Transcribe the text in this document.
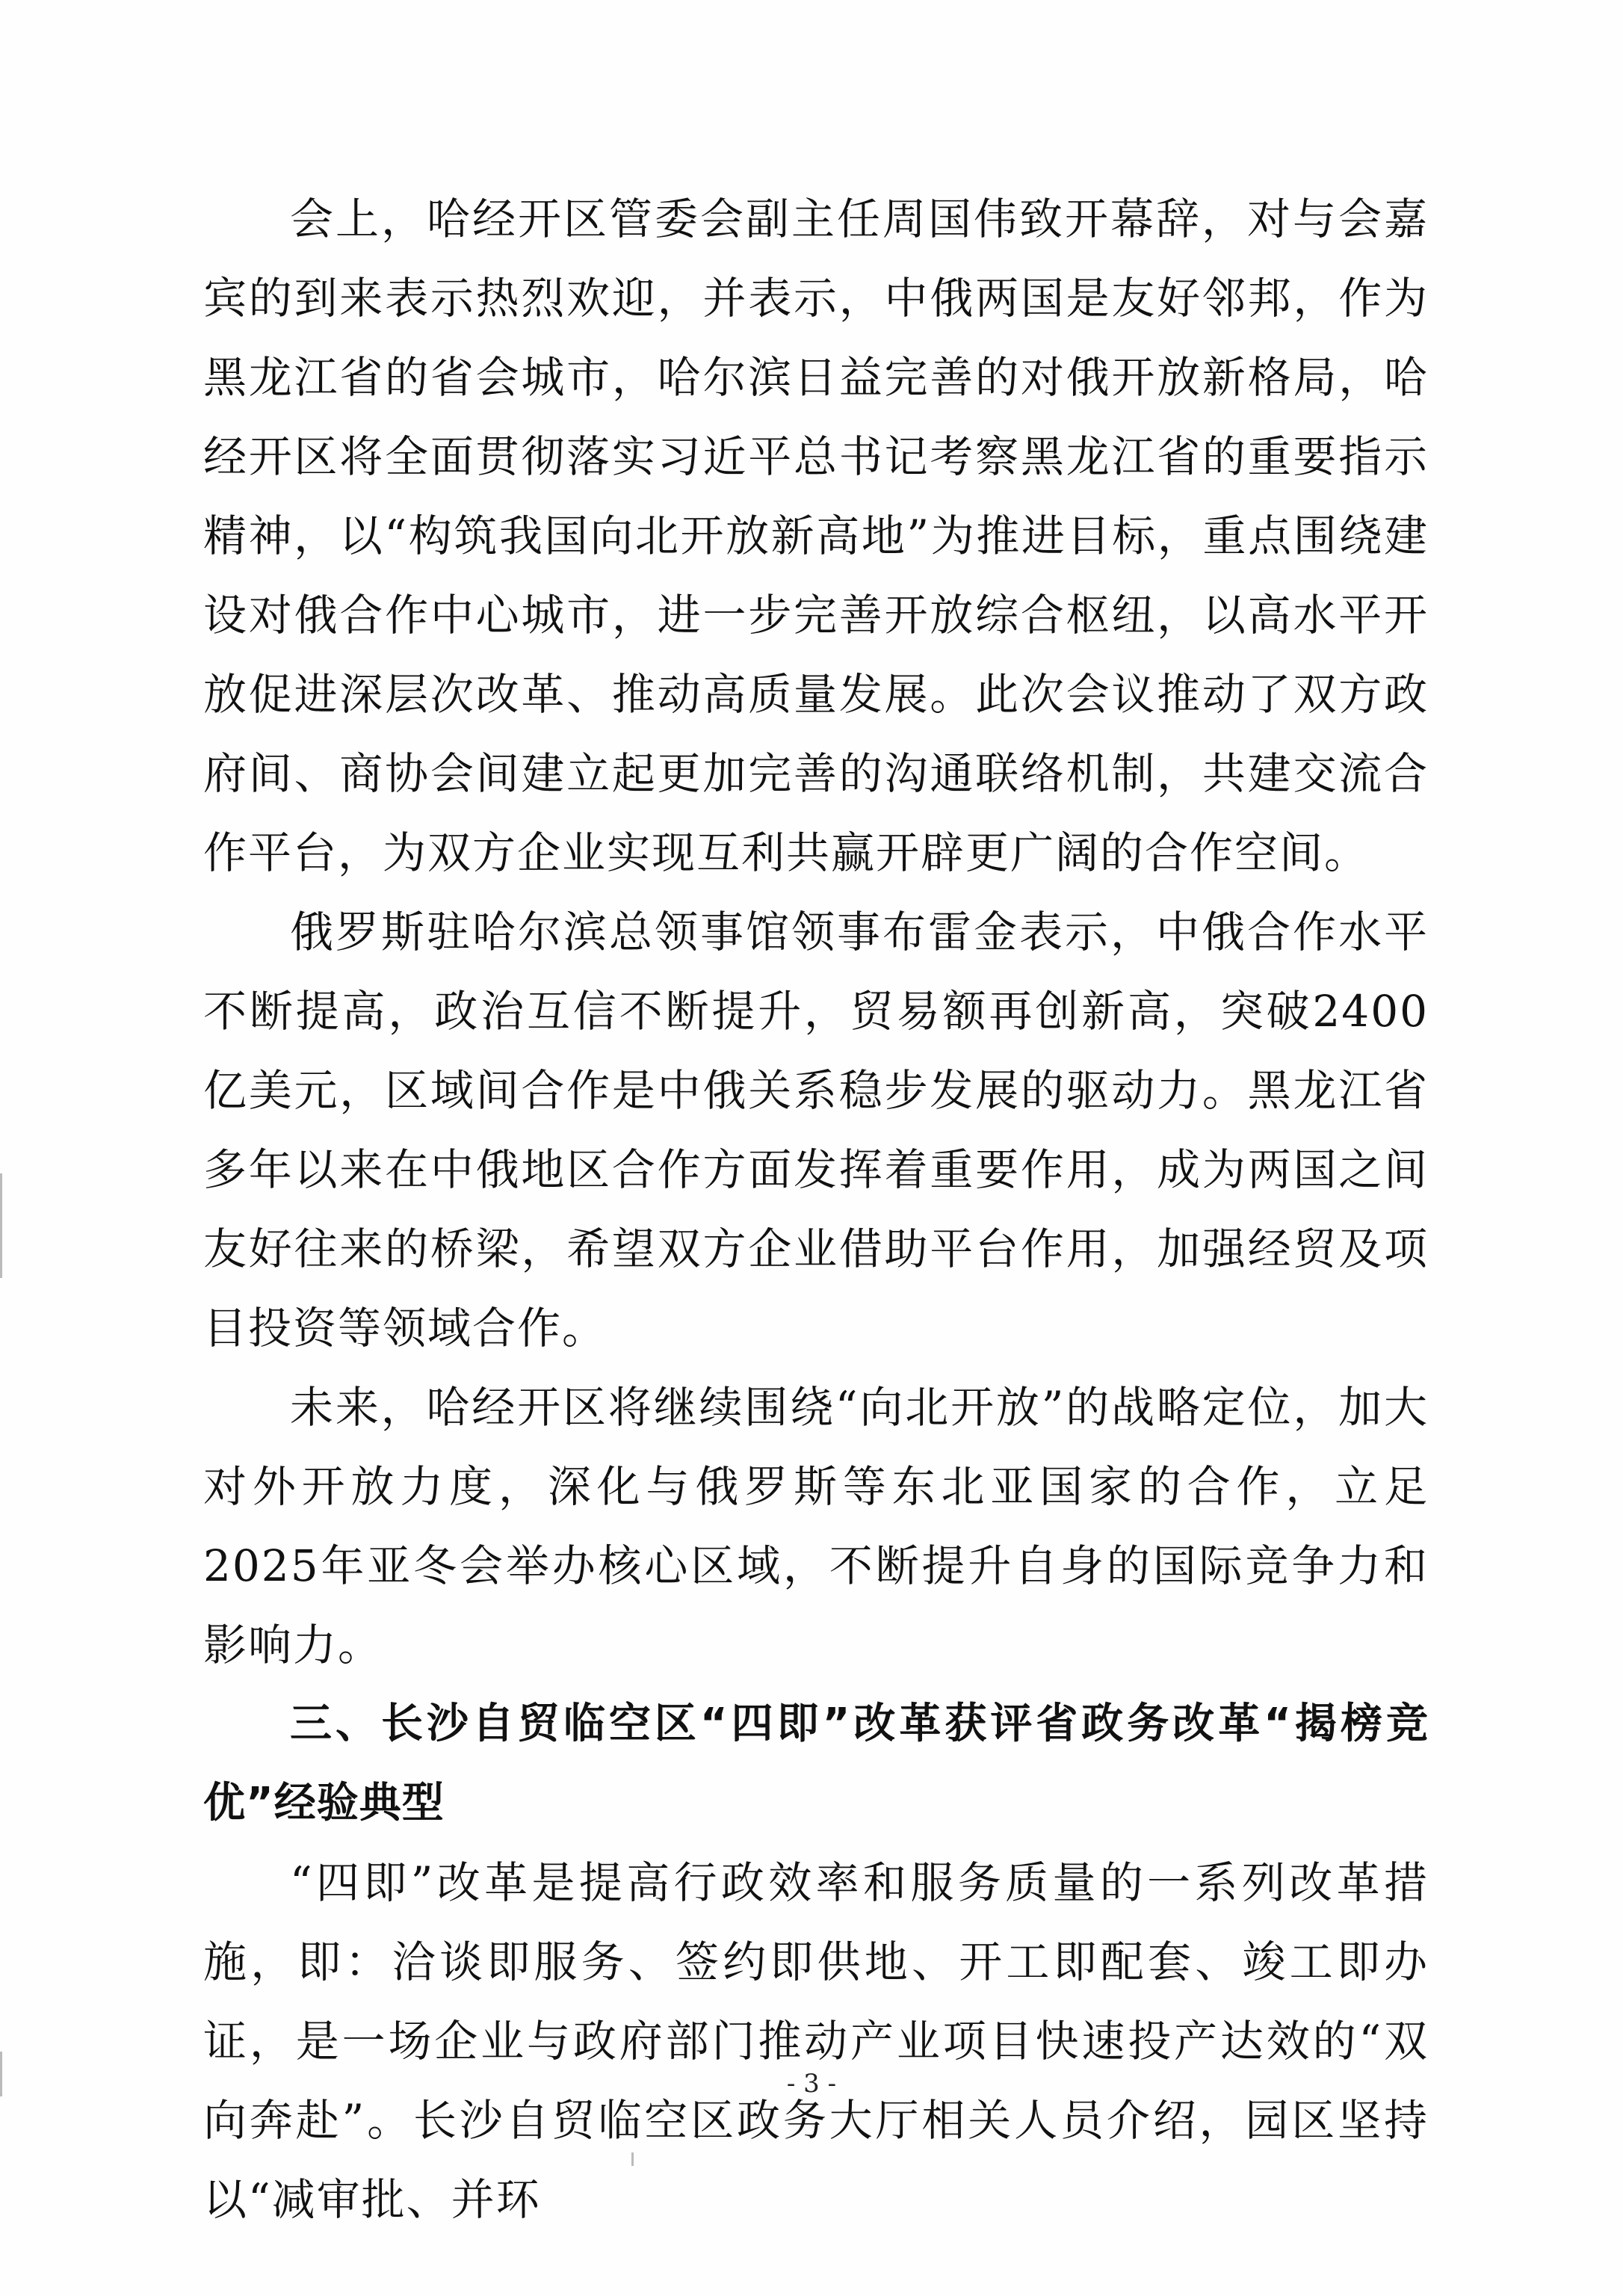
会上，哈经开区管委会副主任周国伟致开幕辞，对与会嘉宾的到来表示热烈欢迎，并表示，中俄两国是友好邻邦，作为黑龙江省的省会城市，哈尔滨日益完善的对俄开放新格局，哈经开区将全面贯彻落实习近平总书记考察黑龙江省的重要指示精神，以“构筑我国向北开放新高地”为推进目标，重点围绕建设对俄合作中心城市，进一步完善开放综合枢纽，以高水平开放促进深层次改革、推动高质量发展。此次会议推动了双方政府间、商协会间建立起更加完善的沟通联络机制，共建交流合作平台，为双方企业实现互利共赢开辟更广阔的合作空间。

俄罗斯驻哈尔滨总领事馆领事布雷金表示，中俄合作水平不断提高，政治互信不断提升，贸易额再创新高，突破2400亿美元，区域间合作是中俄关系稳步发展的驱动力。黑龙江省多年以来在中俄地区合作方面发挥着重要作用，成为两国之间友好往来的桥梁，希望双方企业借助平台作用，加强经贸及项目投资等领域合作。

未来，哈经开区将继续围绕“向北开放”的战略定位，加大对外开放力度，深化与俄罗斯等东北亚国家的合作，立足2025年亚冬会举办核心区域，不断提升自身的国际竞争力和影响力。

三、长沙自贸临空区“四即”改革获评省政务改革“揭榜竞优”经验典型

“四即”改革是提高行政效率和服务质量的一系列改革措施，即：洽谈即服务、签约即供地、开工即配套、竣工即办证，是一场企业与政府部门推动产业项目快速投产达效的“双向奔赴”。长沙自贸临空区政务大厅相关人员介绍，园区坚持以“减审批、并环

- 3 -
